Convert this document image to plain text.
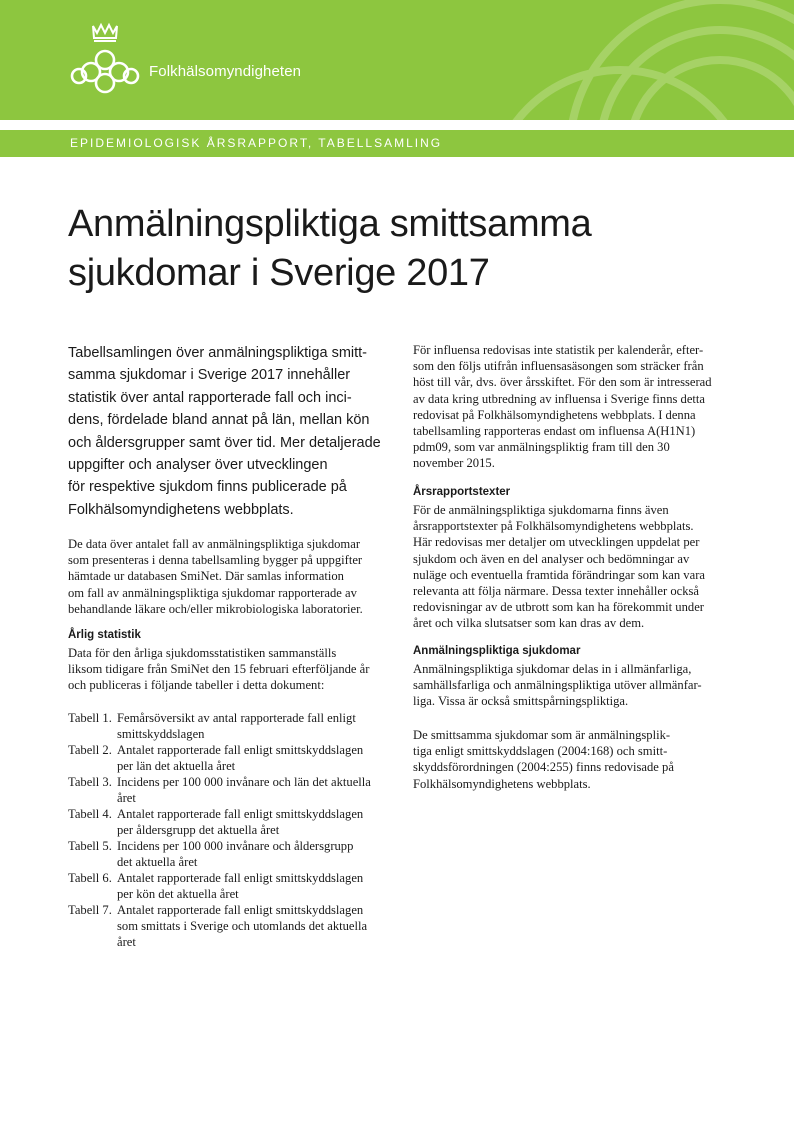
Folkhälsomyndigheten
EPIDEMIOLOGISK ÅRSRAPPORT, TABELLSAMLING
Anmälningspliktiga smittsamma
sjukdomar i Sverige 2017

Tabellsamlingen över anmälningspliktiga smitt-
samma sjukdomar i Sverige 2017 innehåller
statistik över antal rapporterade fall och inci-
dens, fördelade bland annat på län, mellan kön
och åldersgrupper samt över tid. Mer detaljerade
uppgifter och analyser över utvecklingen
för respektive sjukdom finns publicerade på
Folkhälsomyndighetens webbplats.

De data över antalet fall av anmälningspliktiga sjukdomar
som presenteras i denna tabellsamling bygger på uppgifter
hämtade ur databasen SmiNet. Där samlas information
om fall av anmälningspliktiga sjukdomar rapporterade av
behandlande läkare och/eller mikrobiologiska laboratorier.

Årlig statistik

Data för den årliga sjukdomsstatistiken sammanställs
liksom tidigare från SmiNet den 15 februari efterföljande år
och publiceras i följande tabeller i detta dokument:

Tabell 1. Femårsöversikt av antal rapporterade fall enligt
smittskyddslagen
Tabell 2. Antalet rapporterade fall enligt smittskyddslagen
per län det aktuella året
Tabell 3. Incidens per 100 000 invånare och län det aktuella
året
Tabell 4. Antalet rapporterade fall enligt smittskyddslagen
per åldersgrupp det aktuella året
Tabell 5. Incidens per 100 000 invånare och åldersgrupp
det aktuella året
Tabell 6. Antalet rapporterade fall enligt smittskyddslagen
per kön det aktuella året
Tabell 7. Antalet rapporterade fall enligt smittskyddslagen
som smittats i Sverige och utomlands det aktuella
året

För influensa redovisas inte statistik per kalenderår, efter-
som den följs utifrån influensasäsongen som sträcker från
höst till vår, dvs. över årsskiftet. För den som är intresserad
av data kring utbredning av influensa i Sverige finns detta
redovisat på Folkhälsomyndighetens webbplats. I denna
tabellsamling rapporteras endast om influensa A(H1N1)
pdm09, som var anmälningspliktig fram till den 30
november 2015.

Årsrapportstexter

För de anmälningspliktiga sjukdomarna finns även
årsrapportstexter på Folkhälsomyndighetens webbplats.
Här redovisas mer detaljer om utvecklingen uppdelat per
sjukdom och även en del analyser och bedömningar av
nuläge och eventuella framtida förändringar som kan vara
relevanta att följa närmare. Dessa texter innehåller också
redovisningar av de utbrott som kan ha förekommit under
året och vilka slutsatser som kan dras av dem.

Anmälningspliktiga sjukdomar

Anmälningspliktiga sjukdomar delas in i allmänfarliga,
samhällsfarliga och anmälningspliktiga utöver allmänfar-
liga. Vissa är också smittspårningspliktiga.

De smittsamma sjukdomar som är anmälningsplik-
tiga enligt smittskyddslagen (2004:168) och smitt-
skyddsförordningen (2004:255) finns redovisade på
Folkhälsomyndighetens webbplats.
